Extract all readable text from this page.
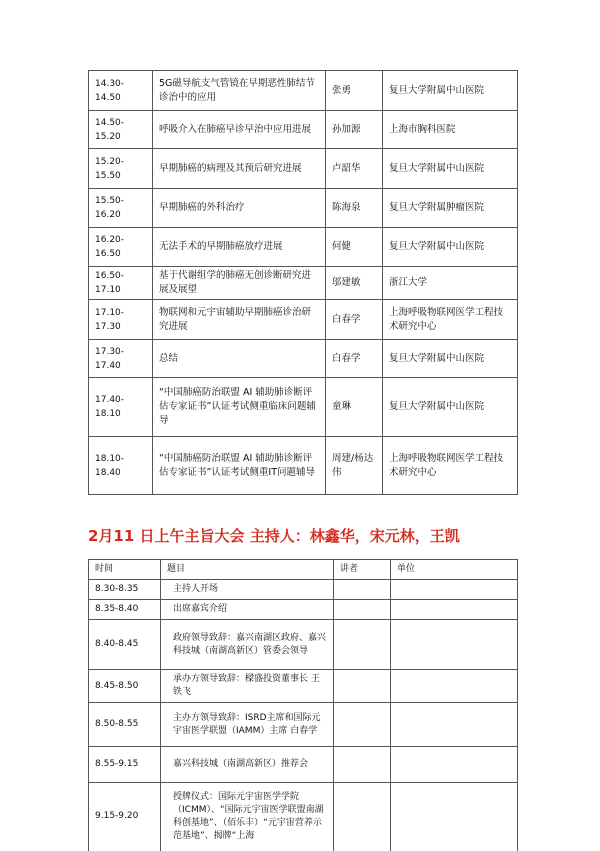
14.30-14.50	5G磁导航支气管镜在早期恶性肺结节诊治中的应用	张勇	复旦大学附属中山医院
14.50-15.20	呼吸介入在肺癌早诊早治中应用进展	孙加源	上海市胸科医院
15.20-15.50	早期肺癌的病理及其预后研究进展	卢韶华	复旦大学附属中山医院
15.50-16.20	早期肺癌的外科治疗	陈海泉	复旦大学附属肿瘤医院
16.20-16.50	无法手术的早期肺癌放疗进展	何健	复旦大学附属中山医院
16.50-17.10	基于代谢组学的肺癌无创诊断研究进展及展望	邬建敏	浙江大学
17.10-17.30	物联网和元宇宙辅助早期肺癌诊治研究进展	白春学	上海呼吸物联网医学工程技术研究中心
17.30-17.40	总结	白春学	复旦大学附属中山医院
17.40-18.10	“中国肺癌防治联盟 AI 辅助肺诊断评估专家证书”认证考试侧重临床问题辅导	童琳	复旦大学附属中山医院
18.10-18.40	“中国肺癌防治联盟 AI 辅助肺诊断评估专家证书”认证考试侧重IT问题辅导	周建/杨达伟	上海呼吸物联网医学工程技术研究中心
2月11 日上午主旨大会 主持人：林鑫华，宋元林，王凯
时间	题目	讲者	单位
8.30-8.35	主持人开场		
8.35-8.40	出席嘉宾介绍		
8.40-8.45	政府领导致辞：嘉兴南湖区政府、嘉兴科技城（南湖高新区）管委会领导		
8.45-8.50	承办方领导致辞：樑盛投资董事长 王铁飞		
8.50-8.55	主办方领导致辞：ISRD主席和国际元宇宙医学联盟（IAMM）主席 白春学		
8.55-9.15	嘉兴科技城（南湖高新区）推荐会		
9.15-9.20	授牌仪式：国际元宇宙医学学院（ICMM）、“国际元宇宙医学联盟南湖科创基地”、（佰乐丰）“元宇宙营养示范基地”、揭牌“上海		
